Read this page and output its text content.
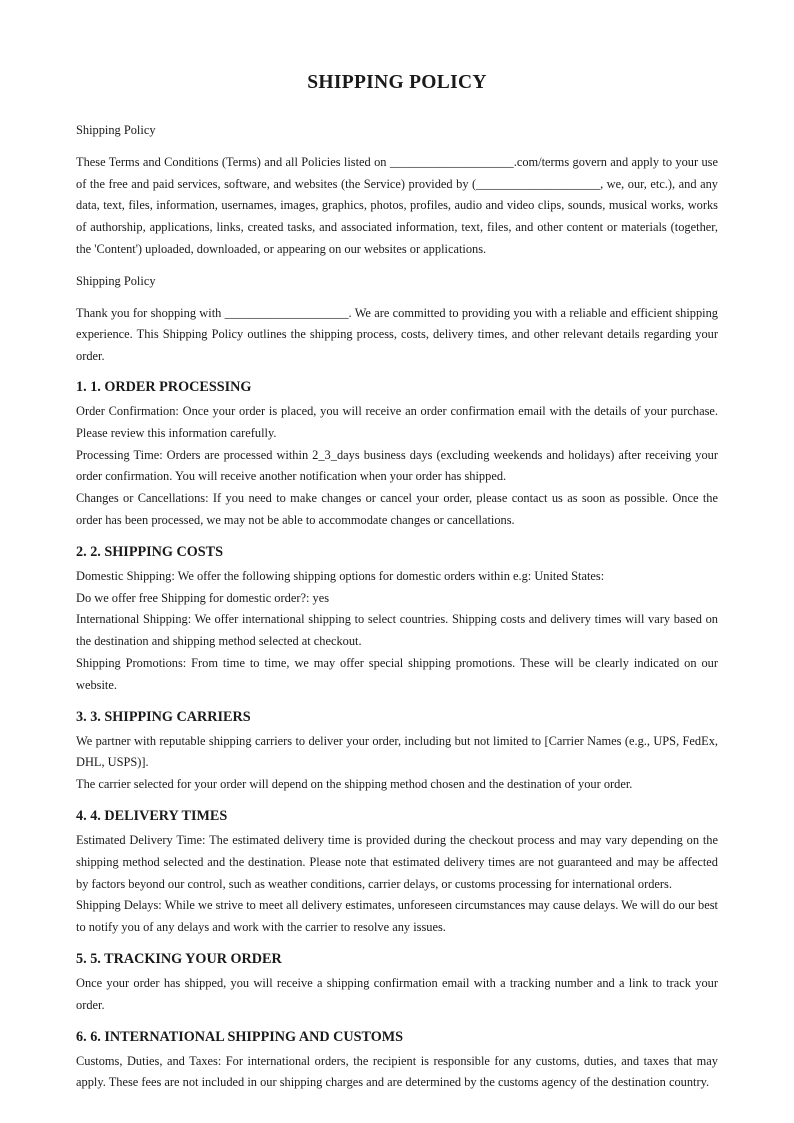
SHIPPING POLICY

Shipping Policy

These Terms and Conditions (Terms) and all Policies listed on ____________________.com/terms govern and apply to your use of the free and paid services, software, and websites (the Service) provided by (____________________, we, our, etc.), and any data, text, files, information, usernames, images, graphics, photos, profiles, audio and video clips, sounds, musical works, works of authorship, applications, links, created tasks, and associated information, text, files, and other content or materials (together, the 'Content') uploaded, downloaded, or appearing on our websites or applications.

Shipping Policy

Thank you for shopping with ____________________. We are committed to providing you with a reliable and efficient shipping experience. This Shipping Policy outlines the shipping process, costs, delivery times, and other relevant details regarding your order.

1. 1. ORDER PROCESSING

Order Confirmation: Once your order is placed, you will receive an order confirmation email with the details of your purchase. Please review this information carefully.

Processing Time: Orders are processed within 2_3_days business days (excluding weekends and holidays) after receiving your order confirmation. You will receive another notification when your order has shipped.

Changes or Cancellations: If you need to make changes or cancel your order, please contact us as soon as possible. Once the order has been processed, we may not be able to accommodate changes or cancellations.

2. 2. SHIPPING COSTS

Domestic Shipping: We offer the following shipping options for domestic orders within e.g: United States:

Do we offer free Shipping for domestic order?: yes

International Shipping: We offer international shipping to select countries. Shipping costs and delivery times will vary based on the destination and shipping method selected at checkout.

Shipping Promotions: From time to time, we may offer special shipping promotions. These will be clearly indicated on our website.

3. 3. SHIPPING CARRIERS

We partner with reputable shipping carriers to deliver your order, including but not limited to [Carrier Names (e.g., UPS, FedEx, DHL, USPS)].

The carrier selected for your order will depend on the shipping method chosen and the destination of your order.

4. 4. DELIVERY TIMES

Estimated Delivery Time: The estimated delivery time is provided during the checkout process and may vary depending on the shipping method selected and the destination. Please note that estimated delivery times are not guaranteed and may be affected by factors beyond our control, such as weather conditions, carrier delays, or customs processing for international orders.

Shipping Delays: While we strive to meet all delivery estimates, unforeseen circumstances may cause delays. We will do our best to notify you of any delays and work with the carrier to resolve any issues.

5. 5. TRACKING YOUR ORDER

Once your order has shipped, you will receive a shipping confirmation email with a tracking number and a link to track your order.

6. 6. INTERNATIONAL SHIPPING AND CUSTOMS

Customs, Duties, and Taxes: For international orders, the recipient is responsible for any customs, duties, and taxes that may apply. These fees are not included in our shipping charges and are determined by the customs agency of the destination country.
